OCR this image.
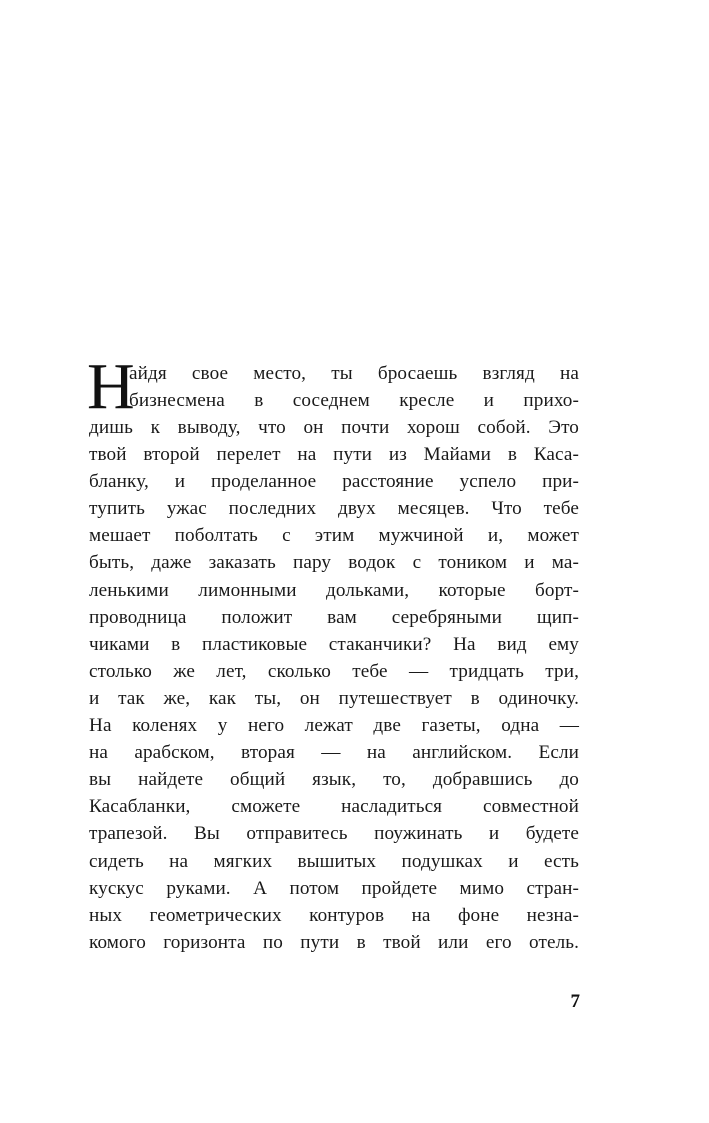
Н
айдя свое место, ты бросаешь взгляд на
бизнесмена в соседнем кресле и прихо-
дишь к выводу, что он почти хорош собой. Это
твой второй перелет на пути из Майами в Каса-
бланку, и проделанное расстояние успело при-
тупить ужас последних двух месяцев. Что тебе
мешает поболтать с этим мужчиной и, может
быть, даже заказать пару водок с тоником и ма-
ленькими лимонными дольками, которые борт-
проводница положит вам серебряными щип-
чиками в пластиковые стаканчики? На вид ему
столько же лет, сколько тебе — тридцать три,
и так же, как ты, он путешествует в одиночку.
На коленях у него лежат две газеты, одна —
на арабском, вторая — на английском. Если
вы найдете общий язык, то, добравшись до
Касабланки, сможете насладиться совместной
трапезой. Вы отправитесь поужинать и будете
сидеть на мягких вышитых подушках и есть
кускус руками. А потом пройдете мимо стран-
ных геометрических контуров на фоне незна-
комого горизонта по пути в твой или его отель.
7
